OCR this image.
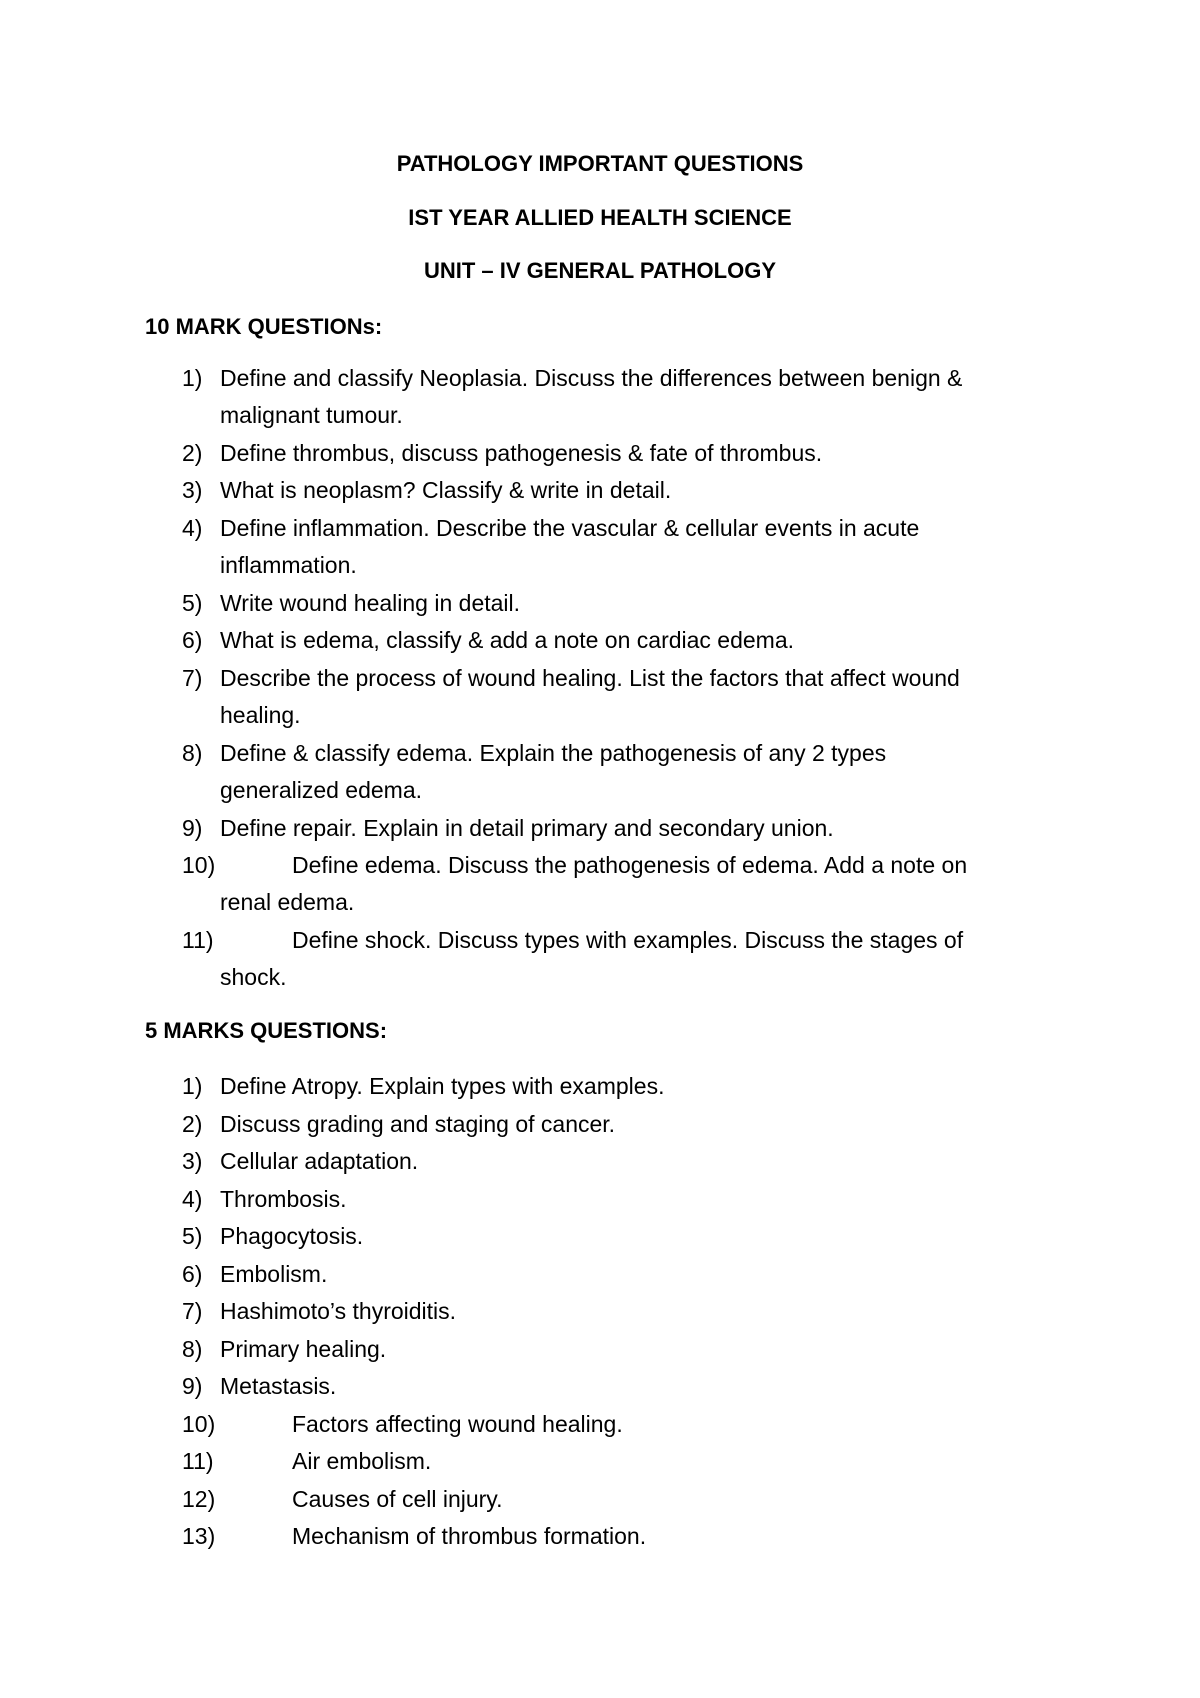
PATHOLOGY IMPORTANT QUESTIONS
IST YEAR ALLIED HEALTH SCIENCE
UNIT – IV GENERAL PATHOLOGY
10 MARK QUESTIONs:
1) Define and classify Neoplasia. Discuss the differences between benign &
malignant tumour.
2) Define thrombus, discuss pathogenesis & fate of thrombus.
3) What is neoplasm? Classify & write in detail.
4) Define inflammation. Describe the vascular & cellular events in acute
inflammation.
5) Write wound healing in detail.
6) What is edema, classify & add a note on cardiac edema.
7) Describe the process of wound healing. List the factors that affect wound
healing.
8) Define & classify edema. Explain the pathogenesis of any 2 types
generalized edema.
9) Define repair. Explain in detail primary and secondary union.
10)	Define edema. Discuss the pathogenesis of edema. Add a note on
renal edema.
11)	Define shock. Discuss types with examples. Discuss the stages of
shock.
5 MARKS QUESTIONS:
1) Define Atropy. Explain types with examples.
2) Discuss grading and staging of cancer.
3) Cellular adaptation.
4) Thrombosis.
5) Phagocytosis.
6) Embolism.
7) Hashimoto’s thyroiditis.
8) Primary healing.
9) Metastasis.
10)	Factors affecting wound healing.
11)	Air embolism.
12)	Causes of cell injury.
13)	Mechanism of thrombus formation.
